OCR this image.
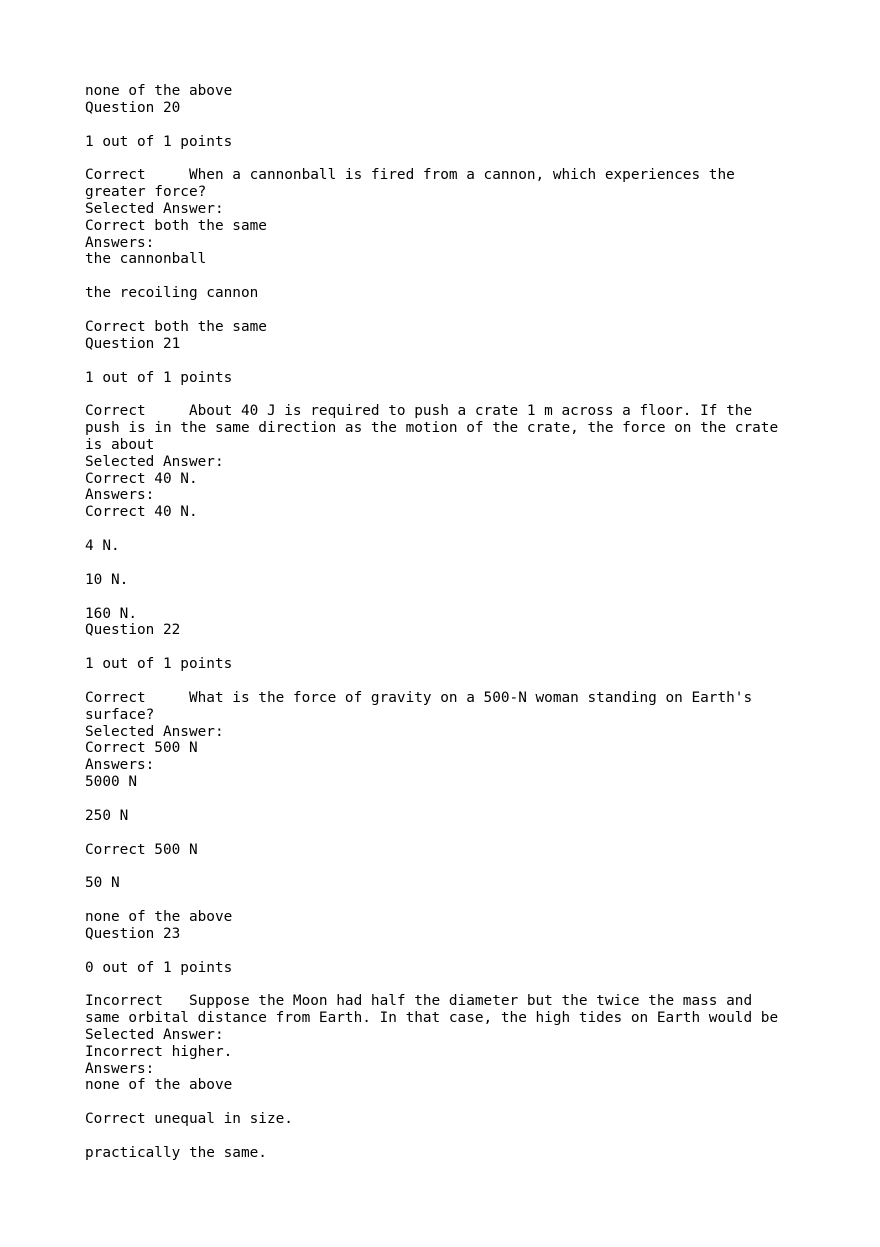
none of the above
Question 20
1 out of 1 points
Correct     When a cannonball is fired from a cannon, which experiences the
greater force?
Selected Answer:
Correct both the same
Answers:
the cannonball
the recoiling cannon
Correct both the same
Question 21
1 out of 1 points
Correct     About 40 J is required to push a crate 1 m across a floor. If the
push is in the same direction as the motion of the crate, the force on the crate
is about
Selected Answer:
Correct 40 N.
Answers:
Correct 40 N.
4 N.
10 N.
160 N.
Question 22
1 out of 1 points
Correct     What is the force of gravity on a 500-N woman standing on Earth's
surface?
Selected Answer:
Correct 500 N
Answers:
5000 N
250 N
Correct 500 N
50 N
none of the above
Question 23
0 out of 1 points
Incorrect   Suppose the Moon had half the diameter but the twice the mass and
same orbital distance from Earth. In that case, the high tides on Earth would be
Selected Answer:
Incorrect higher.
Answers:
none of the above
Correct unequal in size.
practically the same.
